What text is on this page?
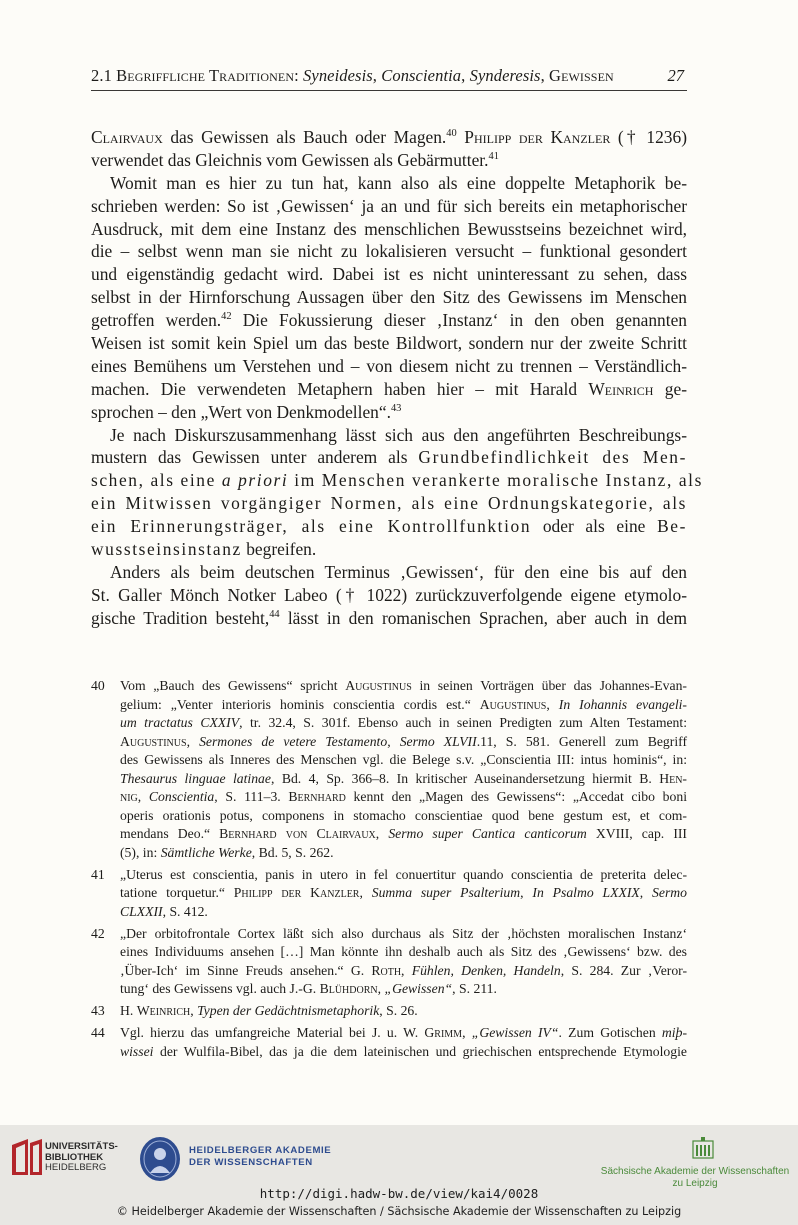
2.1 Begriffliche Traditionen: Syneidesis, Conscientia, Synderesis, Gewissen	27
Clairvaux das Gewissen als Bauch oder Magen.$^{40}$ Philipp der Kanzler († 1236)
verwendet das Gleichnis vom Gewissen als Gebärmutter.$^{41}$
Womit man es hier zu tun hat, kann also als eine doppelte Metaphorik be-
schrieben werden: So ist ‚Gewissen‘ ja an und für sich bereits ein metaphorischer
Ausdruck, mit dem eine Instanz des menschlichen Bewusstseins bezeichnet wird,
die – selbst wenn man sie nicht zu lokalisieren versucht – funktional gesondert
und eigenständig gedacht wird. Dabei ist es nicht uninteressant zu sehen, dass
selbst in der Hirnforschung Aussagen über den Sitz des Gewissens im Menschen
getroffen werden.$^{42}$ Die Fokussierung dieser ‚Instanz‘ in den oben genannten
Weisen ist somit kein Spiel um das beste Bildwort, sondern nur der zweite Schritt
eines Bemühens um Verstehen und – von diesem nicht zu trennen – Verständlich-
machen. Die verwendeten Metaphern haben hier – mit Harald Weinrich ge-
sprochen – den „Wert von Denkmodellen“.$^{43}$
Je nach Diskurszusammenhang lässt sich aus den angeführten Beschreibungs-
mustern das Gewissen unter anderem als Grundbefindlichkeit des Men-
schen, als eine a priori im Menschen verankerte moralische Instanz, als
ein Mitwissen vorgängiger Normen, als eine Ordnungskategorie, als
ein Erinnerungsträger, als eine Kontrollfunktion oder als eine Be-
wusstseinsinstanz begreifen.
Anders als beim deutschen Terminus ‚Gewissen‘, für den eine bis auf den
St. Galler Mönch Notker Labeo († 1022) zurückzuverfolgende eigene etymolo-
gische Tradition besteht,$^{44}$ lässt in den romanischen Sprachen, aber auch in dem
40 Vom „Bauch des Gewissens“ spricht Augustinus in seinen Vorträgen über das Johannes-Evan-
gelium: „Venter interioris hominis conscientia cordis est.“ Augustinus, In Iohannis evangeli-
um tractatus CXXIV, tr. 32.4, S. 301f. Ebenso auch in seinen Predigten zum Alten Testament:
Augustinus, Sermones de vetere Testamento, Sermo XLVII.11, S. 581. Generell zum Begriff
des Gewissens als Inneres des Menschen vgl. die Belege s.v. „Conscientia III: intus hominis“, in:
Thesaurus linguae latinae, Bd. 4, Sp. 366–8. In kritischer Auseinandersetzung hiermit B. Hen-
nig, Conscientia, S. 111–3. Bernhard kennt den „Magen des Gewissens“: „Accedat cibo boni
operis orationis potus, componens in stomacho conscientiae quod bene gestum est, et com-
mendans Deo.“ Bernhard von Clairvaux, Sermo super Cantica canticorum XVIII, cap. III
(5), in: Sämtliche Werke, Bd. 5, S. 262.
41 „Uterus est conscientia, panis in utero in fel conuertitur quando conscientia de preterita delec-
tatione torquetur.“ Philipp der Kanzler, Summa super Psalterium, In Psalmo LXXIX, Sermo
CLXXII, S. 412.
42 „Der orbitofrontale Cortex läßt sich also durchaus als Sitz der ‚höchsten moralischen Instanz‘
eines Individuums ansehen […] Man könnte ihn deshalb auch als Sitz des ‚Gewissens‘ bzw. des
‚Über-Ich‘ im Sinne Freuds ansehen.“ G. Roth, Fühlen, Denken, Handeln, S. 284. Zur ‚Veror-
tung‘ des Gewissens vgl. auch J.-G. Blühdorn, „Gewissen“, S. 211.
43 H. Weinrich, Typen der Gedächtnismetaphorik, S. 26.
44 Vgl. hierzu das umfangreiche Material bei J. u. W. Grimm, „Gewissen IV“. Zum Gotischen miþ-
wissei der Wulfila-Bibel, das ja die dem lateinischen und griechischen entsprechende Etymologie
UNIVERSITÄTS-
BIBLIOTHEK
HEIDELBERG
HEIDELBERGER AKADEMIE
DER WISSENSCHAFTEN
Sächsische Akademie der Wissenschaften
zu Leipzig
http://digi.hadw-bw.de/view/kai4/0028
© Heidelberger Akademie der Wissenschaften / Sächsische Akademie der Wissenschaften zu Leipzig
